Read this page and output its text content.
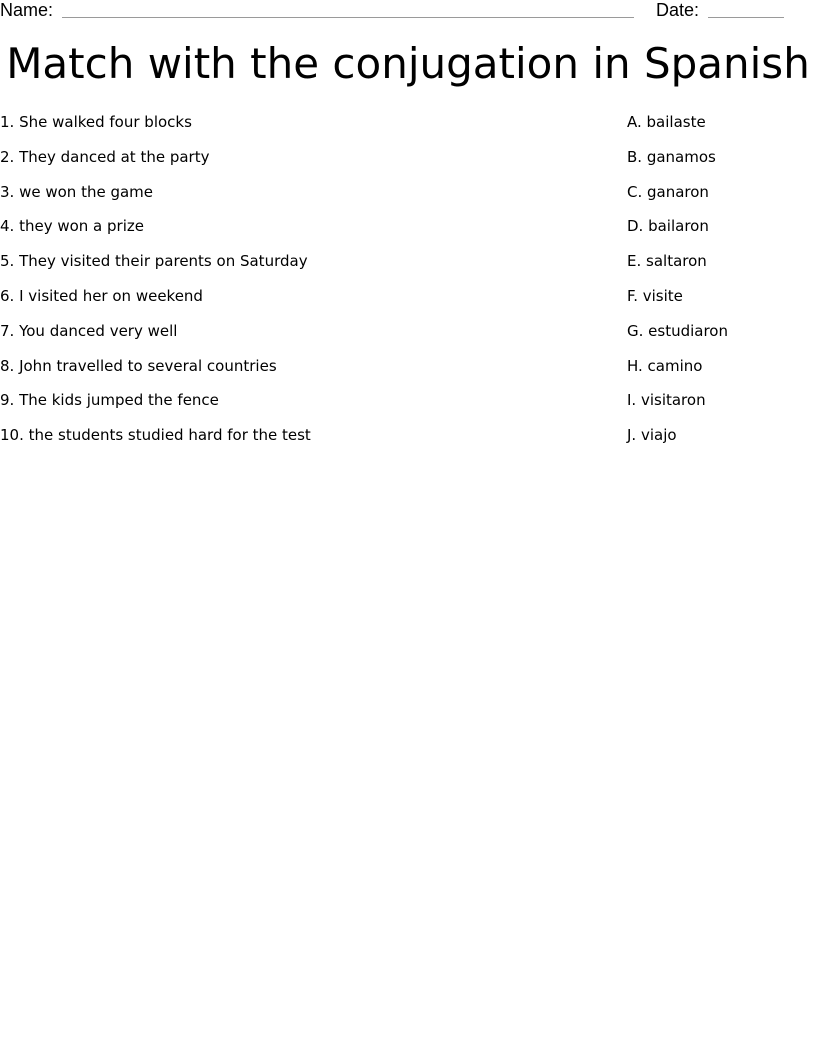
Name:	Date:
Match with the conjugation in Spanish
1. She walked four blocks
2. They danced at the party
3. we won the game
4. they won a prize
5. They visited their parents on Saturday
6. I visited her on weekend
7. You danced very well
8. John travelled to several countries
9. The kids jumped the fence
10. the students studied hard for the test
A. bailaste
B. ganamos
C. ganaron
D. bailaron
E. saltaron
F. visite
G. estudiaron
H. camino
I. visitaron
J. viajo
